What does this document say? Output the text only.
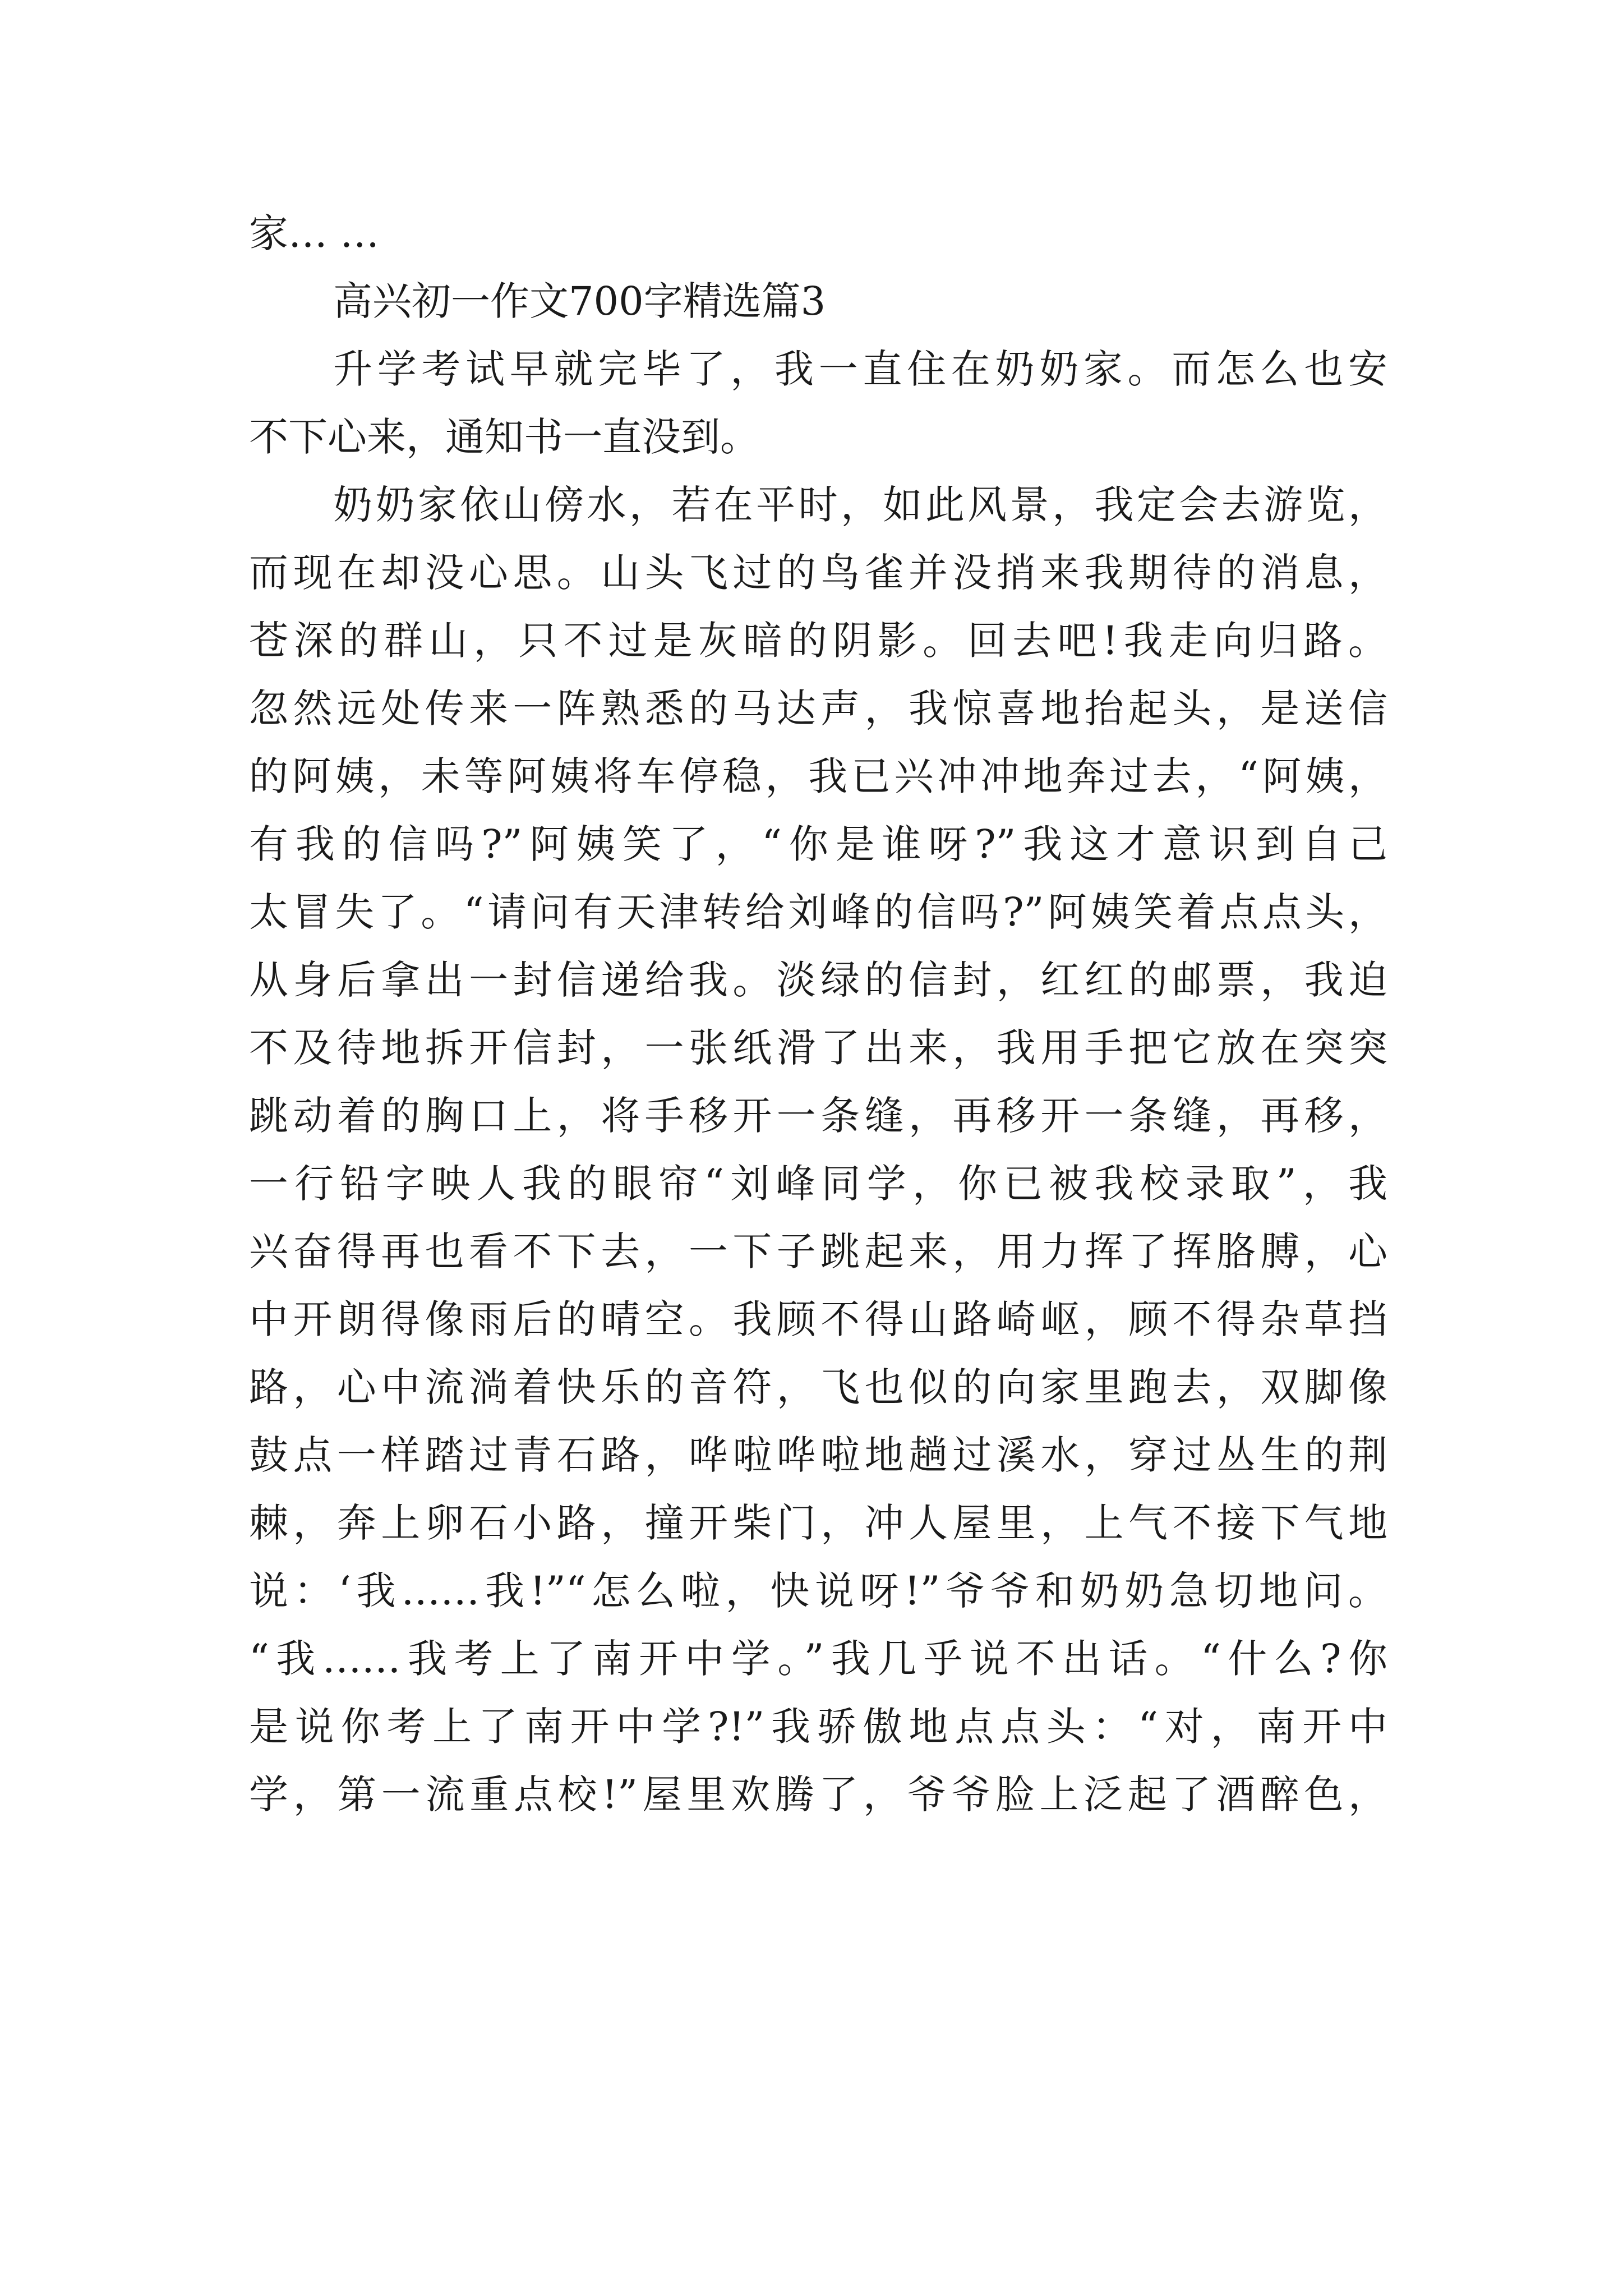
家… …
高兴初一作文700字精选篇3
升学考试早就完毕了，我一直住在奶奶家。而怎么也安
不下心来，通知书一直没到。
奶奶家依山傍水，若在平时，如此风景，我定会去游览，
而现在却没心思。山头飞过的鸟雀并没捎来我期待的消息，
苍深的群山，只不过是灰暗的阴影。回去吧!我走向归路。
忽然远处传来一阵熟悉的马达声，我惊喜地抬起头，是送信
的阿姨，未等阿姨将车停稳，我已兴冲冲地奔过去，“阿姨，
有我的信吗?”阿姨笑了，“你是谁呀?”我这才意识到自己
太冒失了。“请问有天津转给刘峰的信吗?”阿姨笑着点点头，
从身后拿出一封信递给我。淡绿的信封，红红的邮票，我迫
不及待地拆开信封，一张纸滑了出来，我用手把它放在突突
跳动着的胸口上，将手移开一条缝，再移开一条缝，再移，
一行铅字映人我的眼帘“刘峰同学，你已被我校录取”，我
兴奋得再也看不下去，一下子跳起来，用力挥了挥胳膊，心
中开朗得像雨后的晴空。我顾不得山路崎岖，顾不得杂草挡
路，心中流淌着快乐的音符，飞也似的向家里跑去，双脚像
鼓点一样踏过青石路，哗啦哗啦地趟过溪水，穿过丛生的荆
棘，奔上卵石小路，撞开柴门，冲人屋里，上气不接下气地
说：‘我……我!”“怎么啦，快说呀!”爷爷和奶奶急切地问。
“我……我考上了南开中学。”我几乎说不出话。“什么?你
是说你考上了南开中学?!”我骄傲地点点头：“对，南开中
学，第一流重点校!”屋里欢腾了，爷爷脸上泛起了酒醉色，
